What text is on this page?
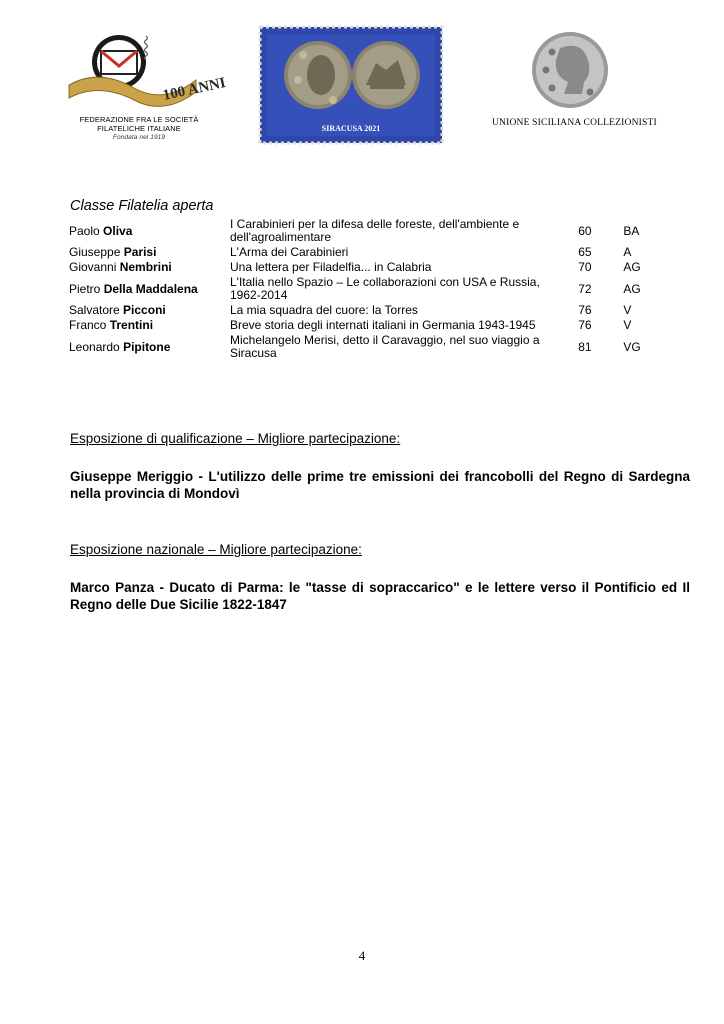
100 ANNI
FEDERAZIONE FRA LE SOCIETÀ
FILATELICHE ITALIANE
Fondata nel 1919
SIRACUSA 2021
UNIONE SICILIANA COLLEZIONISTI
Classe Filatelia aperta
Paolo Oliva	I Carabinieri per la difesa delle foreste, dell'ambiente e dell'agroalimentare	60	BA
Giuseppe Parisi	L'Arma dei Carabinieri	65	A
Giovanni Nembrini	Una lettera per Filadelfia... in Calabria	70	AG
Pietro Della Maddalena	L'Italia nello Spazio – Le collaborazioni con USA e Russia, 1962-2014	72	AG
Salvatore Picconi	La mia squadra del cuore: la Torres	76	V
Franco Trentini	Breve storia degli internati italiani in Germania 1943-1945	76	V
Leonardo Pipitone	Michelangelo Merisi, detto il Caravaggio, nel suo viaggio a Siracusa	81	VG
Esposizione di qualificazione – Migliore partecipazione:
Giuseppe Meriggio - L'utilizzo delle prime tre emissioni dei francobolli del Regno di Sardegna nella provincia di Mondovì
Esposizione nazionale – Migliore partecipazione:
Marco Panza - Ducato di Parma: le "tasse di sopraccarico" e le lettere verso il Pontificio ed Il Regno delle Due Sicilie 1822-1847
4
